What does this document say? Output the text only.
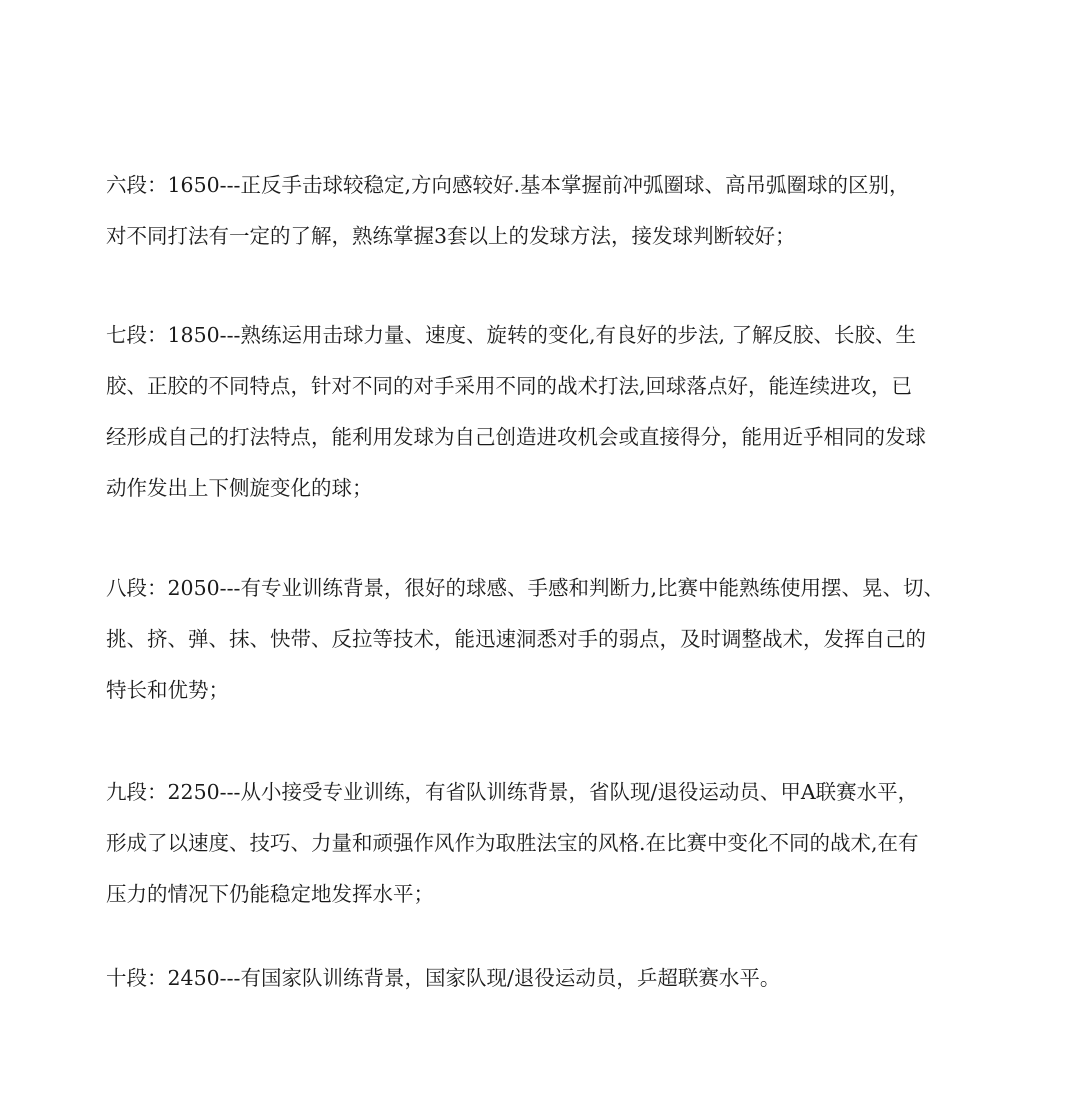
六段：1650---正反手击球较稳定,方向感较好.基本掌握前冲弧圈球、高吊弧圈球的区别，
对不同打法有一定的了解，熟练掌握3套以上的发球方法，接发球判断较好；
七段：1850---熟练运用击球力量、速度、旋转的变化,有良好的步法, 了解反胶、长胶、生
胶、正胶的不同特点，针对不同的对手采用不同的战术打法,回球落点好，能连续进攻，已
经形成自己的打法特点，能利用发球为自己创造进攻机会或直接得分，能用近乎相同的发球
动作发出上下侧旋变化的球；
八段：2050---有专业训练背景，很好的球感、手感和判断力,比赛中能熟练使用摆、晃、切、
挑、挤、弹、抹、快带、反拉等技术，能迅速洞悉对手的弱点，及时调整战术，发挥自己的
特长和优势；
九段：2250---从小接受专业训练，有省队训练背景，省队现/退役运动员、甲A联赛水平，
形成了以速度、技巧、力量和顽强作风作为取胜法宝的风格.在比赛中变化不同的战术,在有
压力的情况下仍能稳定地发挥水平；
十段：2450---有国家队训练背景，国家队现/退役运动员，乒超联赛水平。
